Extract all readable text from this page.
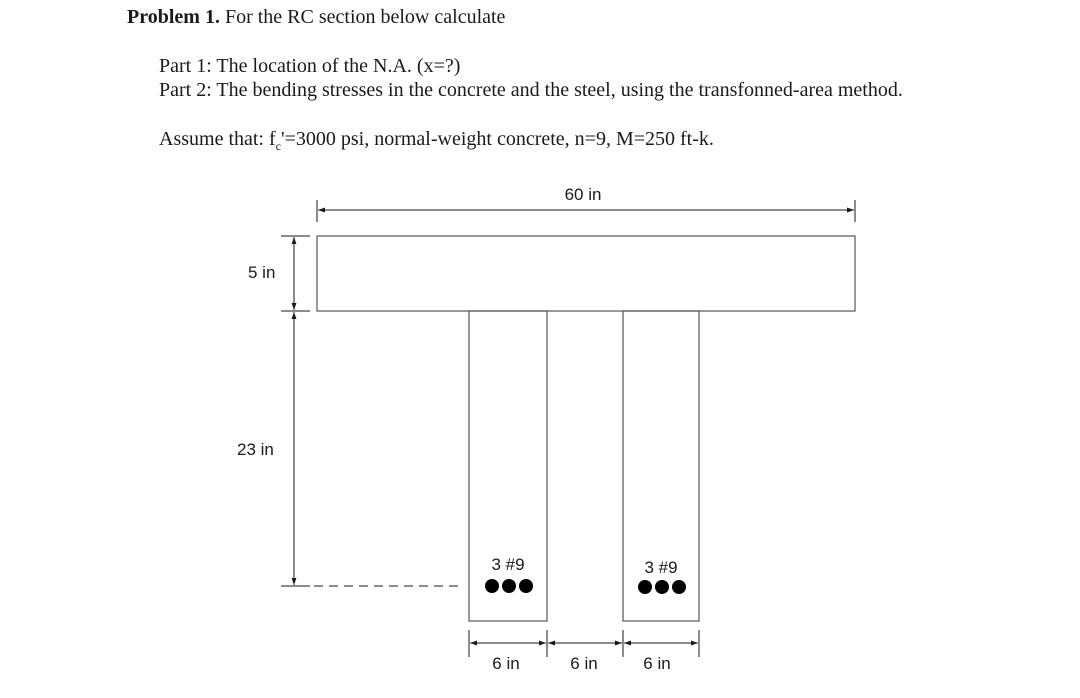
Problem 1. For the RC section below calculate
Part 1: The location of the N.A. (x=?)
Part 2: The bending stresses in the concrete and the steel, using the transfonned-area method.
Assume that: $f_c'=3000$ psi, normal-weight concrete, n=9, M=250 ft-k.
60 in
5 in
23 in
3 #9	3 #9
6 in	6 in	6 in
